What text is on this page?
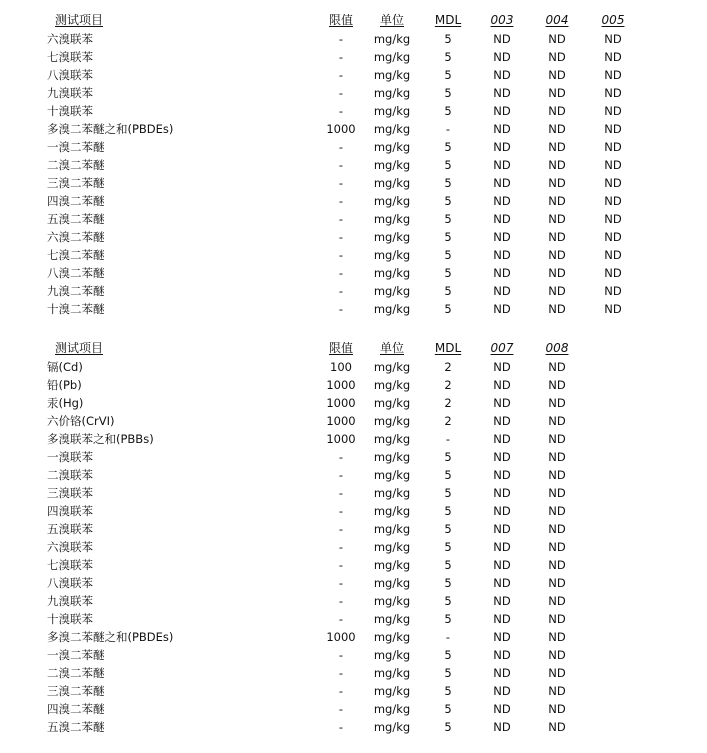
测试项目	限值	单位	MDL	003	004	005
六溴联苯	-	mg/kg	5	ND	ND	ND
七溴联苯	-	mg/kg	5	ND	ND	ND
八溴联苯	-	mg/kg	5	ND	ND	ND
九溴联苯	-	mg/kg	5	ND	ND	ND
十溴联苯	-	mg/kg	5	ND	ND	ND
多溴二苯醚之和(PBDEs)	1000	mg/kg	-	ND	ND	ND
一溴二苯醚	-	mg/kg	5	ND	ND	ND
二溴二苯醚	-	mg/kg	5	ND	ND	ND
三溴二苯醚	-	mg/kg	5	ND	ND	ND
四溴二苯醚	-	mg/kg	5	ND	ND	ND
五溴二苯醚	-	mg/kg	5	ND	ND	ND
六溴二苯醚	-	mg/kg	5	ND	ND	ND
七溴二苯醚	-	mg/kg	5	ND	ND	ND
八溴二苯醚	-	mg/kg	5	ND	ND	ND
九溴二苯醚	-	mg/kg	5	ND	ND	ND
十溴二苯醚	-	mg/kg	5	ND	ND	ND
测试项目	限值	单位	MDL	007	008
镉(Cd)	100	mg/kg	2	ND	ND
铅(Pb)	1000	mg/kg	2	ND	ND
汞(Hg)	1000	mg/kg	2	ND	ND
六价铬(CrVI)	1000	mg/kg	2	ND	ND
多溴联苯之和(PBBs)	1000	mg/kg	-	ND	ND
一溴联苯	-	mg/kg	5	ND	ND
二溴联苯	-	mg/kg	5	ND	ND
三溴联苯	-	mg/kg	5	ND	ND
四溴联苯	-	mg/kg	5	ND	ND
五溴联苯	-	mg/kg	5	ND	ND
六溴联苯	-	mg/kg	5	ND	ND
七溴联苯	-	mg/kg	5	ND	ND
八溴联苯	-	mg/kg	5	ND	ND
九溴联苯	-	mg/kg	5	ND	ND
十溴联苯	-	mg/kg	5	ND	ND
多溴二苯醚之和(PBDEs)	1000	mg/kg	-	ND	ND
一溴二苯醚	-	mg/kg	5	ND	ND
二溴二苯醚	-	mg/kg	5	ND	ND
三溴二苯醚	-	mg/kg	5	ND	ND
四溴二苯醚	-	mg/kg	5	ND	ND
五溴二苯醚	-	mg/kg	5	ND	ND
